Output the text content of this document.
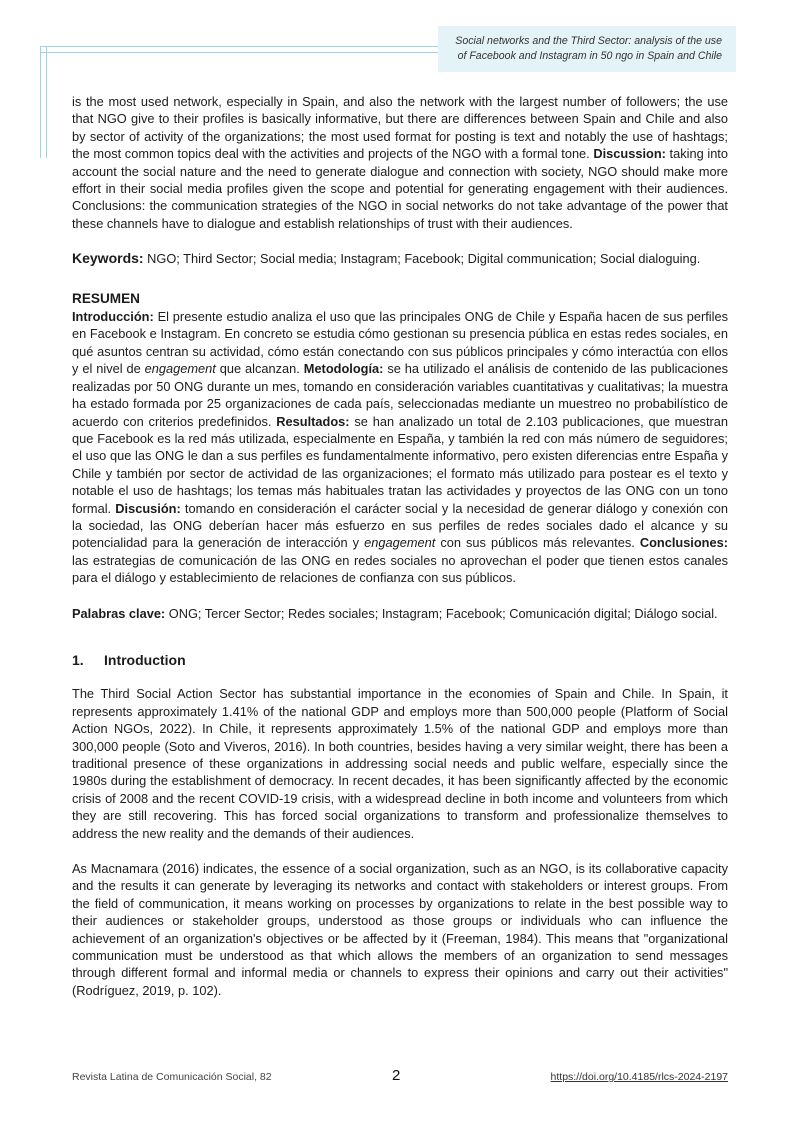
Social networks and the Third Sector: analysis of the use
of Facebook and Instagram in 50 ngo in Spain and Chile

is the most used network, especially in Spain, and also the network with the largest number of followers; the use that NGO give to their profiles is basically informative, but there are differences between Spain and Chile and also by sector of activity of the organizations; the most used format for posting is text and notably the use of hashtags; the most common topics deal with the activities and projects of the NGO with a formal tone. Discussion: taking into account the social nature and the need to generate dialogue and connection with society, NGO should make more effort in their social media profiles given the scope and potential for generating engagement with their audiences. Conclusions: the communication strategies of the NGO in social networks do not take advantage of the power that these channels have to dialogue and establish relationships of trust with their audiences.

Keywords: NGO; Third Sector; Social media; Instagram; Facebook; Digital communication; Social dialoguing.

RESUMEN

Introducción: El presente estudio analiza el uso que las principales ONG de Chile y España hacen de sus perfiles en Facebook e Instagram. En concreto se estudia cómo gestionan su presencia pública en estas redes sociales, en qué asuntos centran su actividad, cómo están conectando con sus públicos principales y cómo interactúa con ellos y el nivel de engagement que alcanzan. Metodología: se ha utilizado el análisis de contenido de las publicaciones realizadas por 50 ONG durante un mes, tomando en consideración variables cuantitativas y cualitativas; la muestra ha estado formada por 25 organizaciones de cada país, seleccionadas mediante un muestreo no probabilístico de acuerdo con criterios predefinidos. Resultados: se han analizado un total de 2.103 publicaciones, que muestran que Facebook es la red más utilizada, especialmente en España, y también la red con más número de seguidores; el uso que las ONG le dan a sus perfiles es fundamentalmente informativo, pero existen diferencias entre España y Chile y también por sector de actividad de las organizaciones; el formato más utilizado para postear es el texto y notable el uso de hashtags; los temas más habituales tratan las actividades y proyectos de las ONG con un tono formal. Discusión: tomando en consideración el carácter social y la necesidad de generar diálogo y conexión con la sociedad, las ONG deberían hacer más esfuerzo en sus perfiles de redes sociales dado el alcance y su potencialidad para la generación de interacción y engagement con sus públicos más relevantes. Conclusiones: las estrategias de comunicación de las ONG en redes sociales no aprovechan el poder que tienen estos canales para el diálogo y establecimiento de relaciones de confianza con sus públicos.

Palabras clave: ONG; Tercer Sector; Redes sociales; Instagram; Facebook; Comunicación digital; Diálogo social.

1. Introduction

The Third Social Action Sector has substantial importance in the economies of Spain and Chile. In Spain, it represents approximately 1.41% of the national GDP and employs more than 500,000 people (Platform of Social Action NGOs, 2022). In Chile, it represents approximately 1.5% of the national GDP and employs more than 300,000 people (Soto and Viveros, 2016). In both countries, besides having a very similar weight, there has been a traditional presence of these organizations in addressing social needs and public welfare, especially since the 1980s during the establishment of democracy. In recent decades, it has been significantly affected by the economic crisis of 2008 and the recent COVID-19 crisis, with a widespread decline in both income and volunteers from which they are still recovering. This has forced social organizations to transform and professionalize themselves to address the new reality and the demands of their audiences.

As Macnamara (2016) indicates, the essence of a social organization, such as an NGO, is its collaborative capacity and the results it can generate by leveraging its networks and contact with stakeholders or interest groups. From the field of communication, it means working on processes by organizations to relate in the best possible way to their audiences or stakeholder groups, understood as those groups or individuals who can influence the achievement of an organization's objectives or be affected by it (Freeman, 1984). This means that "organizational communication must be understood as that which allows the members of an organization to send messages through different formal and informal media or channels to express their opinions and carry out their activities" (Rodríguez, 2019, p. 102).

Revista Latina de Comunicación Social, 82	2	https://doi.org/10.4185/rlcs-2024-2197
